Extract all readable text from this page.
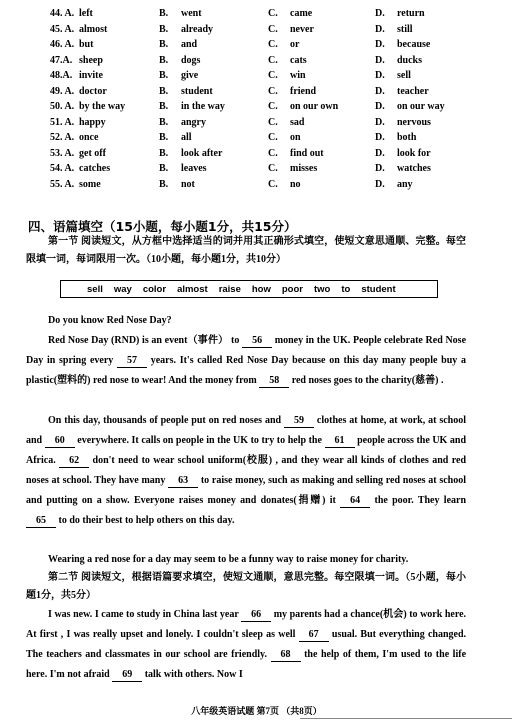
44. A. left	B. went	C. came	D. return
45. A. almost	B. already	C. never	D. still
46. A. but	B. and	C. or	D. because
47.A. sheep	B. dogs	C. cats	D. ducks
48.A. invite	B. give	C. win	D. sell
49. A. doctor	B. student	C. friend	D. teacher
50. A. by the way	B. in the way	C. on our own	D. on our way
51. A. happy	B. angry	C. sad	D. nervous
52. A. once	B. all	C. on	D. both
53. A. get off	B. look after	C. find out	D. look for
54. A. catches	B. leaves	C. misses	D. watches
55. A. some	B. not	C. no	D. any
四、语篇填空（15小题，每小题1分，共15分）
第一节 阅读短文，从方框中选择适当的词并用其正确形式填空，使短文意思通顺、完整。每空限填一词，每词限用一次。（10小题，每小题1分，共10分）
sell way color almost raise how poor two to student
Do you know Red Nose Day?
Red Nose Day (RND) is an event（事件） to 56 money in the UK. People celebrate Red Nose Day in spring every 57 years. It's called Red Nose Day because on this day many people buy a plastic(塑料的) red nose to wear! And the money from 58 red noses goes to the charity(慈善) .
On this day, thousands of people put on red noses and 59 clothes at home, at work, at school and 60 everywhere. It calls on people in the UK to try to help the 61 people across the UK and Africa. 62 don't need to wear school uniform(校服) , and they wear all kinds of clothes and red noses at school. They have many 63 to raise money, such as making and selling red noses at school and putting on a show. Everyone raises money and donates(捐赠) it 64 the poor. They learn 65 to do their best to help others on this day.
Wearing a red nose for a day may seem to be a funny way to raise money for charity.
第二节 阅读短文，根据语篇要求填空，使短文通顺，意思完整。每空限填一词。（5小题，每小题1分，共5分）
I was new. I came to study in China last year 66 my parents had a chance(机会) to work here. At first , I was really upset and lonely. I couldn't sleep as well 67 usual. But everything changed. The teachers and classmates in our school are friendly. 68 the help of them, I'm used to the life here. I'm not afraid 69 talk with others. Now I
八年级英语试题 第7页 （共8页）
